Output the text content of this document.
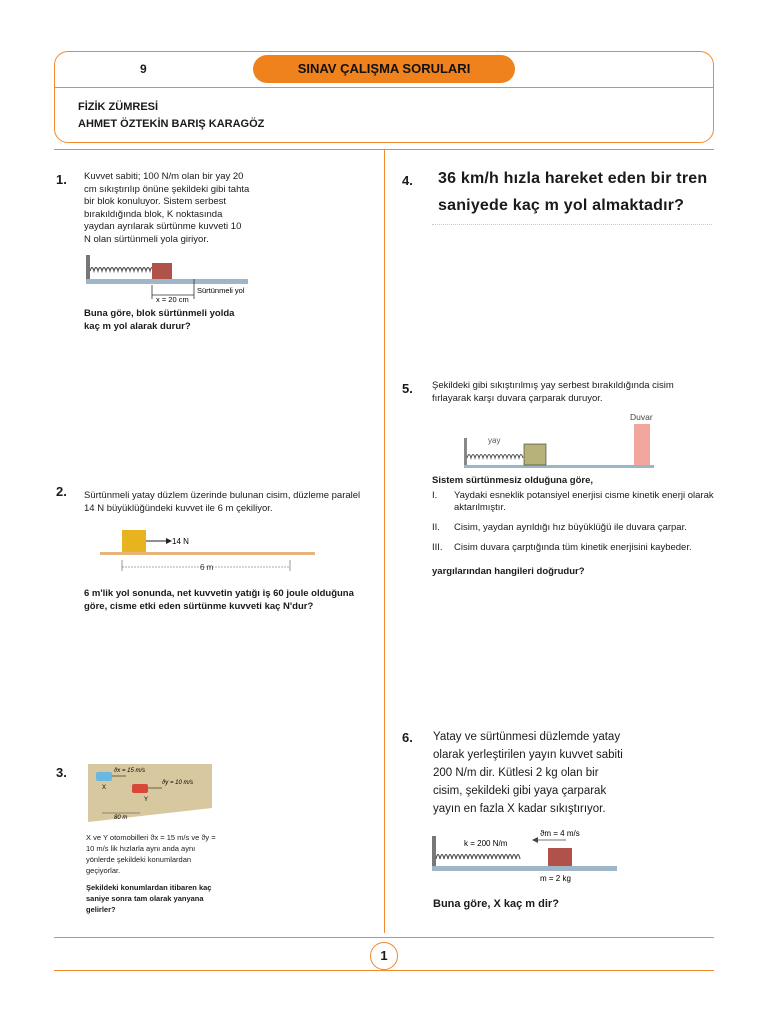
9	SINAV ÇALIŞMA SORULARI
FİZİK ZÜMRESİ
AHMET ÖZTEKİN BARIŞ KARAGÖZ
1
1. Kuvvet sabiti; 100 N/m olan bir yay 20 cm sıkıştırılıp önüne şekildeki gibi tahta bir blok konuluyor. Sistem serbest bırakıldığında blok, K noktasında yaydan ayrılarak sürtünme kuvveti 10 N olan sürtünmeli yola giriyor.
x = 20 cm
Sürtünmeli yol
Buna göre, blok sürtünmeli yolda kaç m yol alarak durur?
2. Sürtünmeli yatay düzlem üzerinde bulunan cisim, düzleme paralel 14 N büyüklüğündeki kuvvet ile 6 m çekiliyor.
14 N
6 m
6 m'lik yol sonunda, net kuvvetin yatığı iş 60 joule olduğuna göre, cisme etki eden sürtünme kuvveti kaç N'dur?
3.	ϑx = 15 m/s
ϑy = 10 m/s
X
Y
80 m
X ve Y otomobilleri ϑx = 15 m/s ve ϑy = 10 m/s lik hızlarla aynı anda aynı yönlerde şekildeki konumlardan geçiyorlar.
Şekildeki konumlardan itibaren kaç saniye sonra tam olarak yanyana gelirler?
4. 36 km/h hızla hareket eden bir tren
saniyede kaç m yol almaktadır?
5. Şekildeki gibi sıkıştırılmış yay serbest bırakıldığında cisim fırlayarak karşı duvara çarparak duruyor.
yay
Duvar
Sistem sürtünmesiz olduğuna göre,
I.	Yaydaki esneklik potansiyel enerjisi cisme kinetik enerji olarak aktarılmıştır.
II.	Cisim, yaydan ayrıldığı hız büyüklüğü ile duvara çarpar.
III.	Cisim duvara çarptığında tüm kinetik enerjisini kaybeder.
yargılarından hangileri doğrudur?
6. Yatay ve sürtünmesi düzlemde yatay olarak yerleştirilen yayın kuvvet sabiti 200 N/m dir. Kütlesi 2 kg olan bir cisim, şekildeki gibi yaya çarparak yayın en fazla X kadar sıkıştırıyor.
k = 200 N/m
ϑm = 4 m/s
m = 2 kg
Buna göre, X kaç m dir?
